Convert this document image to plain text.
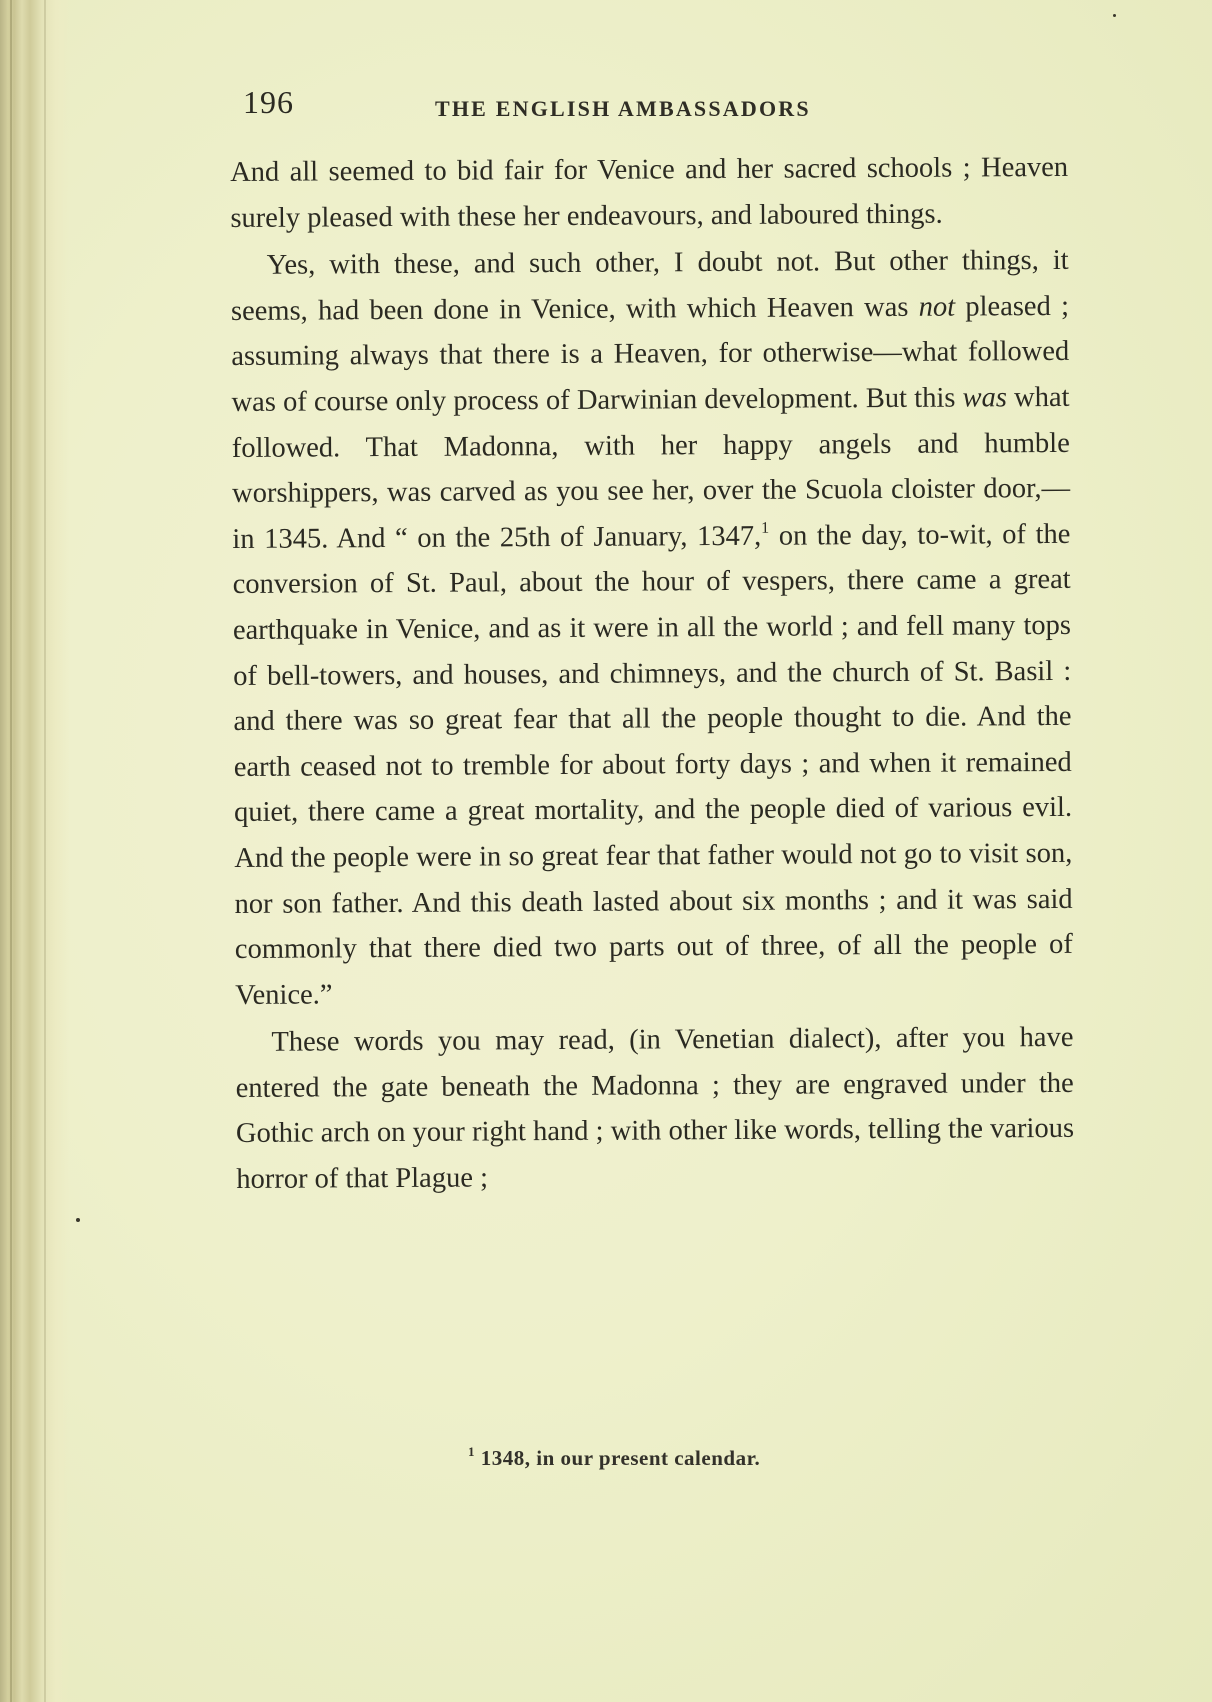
196	THE ENGLISH AMBASSADORS

And all seemed to bid fair for Venice and her sacred schools ; Heaven surely pleased with these her endeavours, and laboured things.

Yes, with these, and such other, I doubt not. But other things, it seems, had been done in Venice, with which Heaven was not pleased ; assuming always that there is a Heaven, for otherwise—what followed was of course only process of Darwinian development. But this was what followed. That Madonna, with her happy angels and humble worshippers, was carved as you see her, over the Scuola cloister door,—in 1345. And “ on the 25th of January, 1347,$^1$ on the day, to-wit, of the conversion of St. Paul, about the hour of vespers, there came a great earthquake in Venice, and as it were in all the world ; and fell many tops of bell-towers, and houses, and chimneys, and the church of St. Basil : and there was so great fear that all the people thought to die. And the earth ceased not to tremble for about forty days ; and when it remained quiet, there came a great mortality, and the people died of various evil. And the people were in so great fear that father would not go to visit son, nor son father. And this death lasted about six months ; and it was said commonly that there died two parts out of three, of all the people of Venice.”

These words you may read, (in Venetian dialect), after you have entered the gate beneath the Madonna ; they are engraved under the Gothic arch on your right hand ; with other like words, telling the various horror of that Plague ;

$^1$ 1348, in our present calendar.
